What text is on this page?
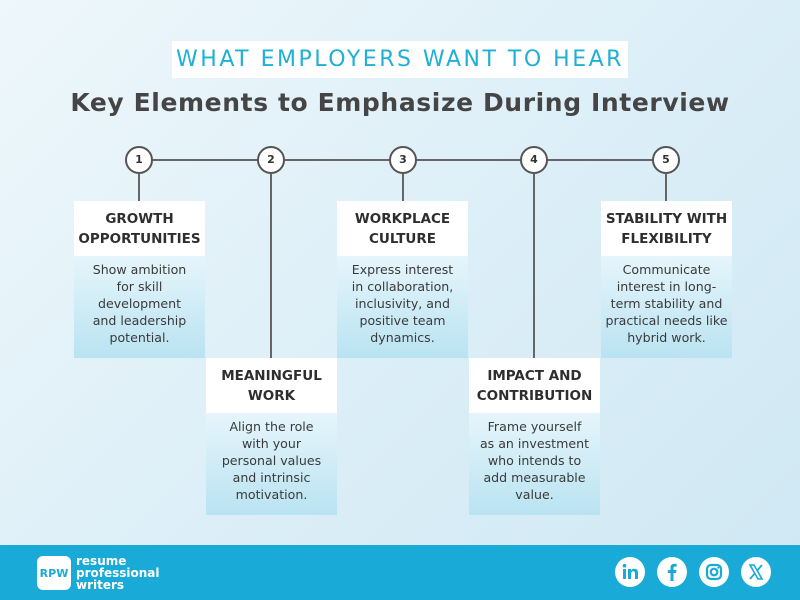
WHAT EMPLOYERS WANT TO HEAR
Key Elements to Emphasize During Interview
1	2	3	4	5
GROWTH
OPPORTUNITIES
Show ambition
for skill
development
and leadership
potential.
MEANINGFUL
WORK
Align the role
with your
personal values
and intrinsic
motivation.
WORKPLACE
CULTURE
Express interest
in collaboration,
inclusivity, and
positive team
dynamics.
IMPACT AND
CONTRIBUTION
Frame yourself
as an investment
who intends to
add measurable
value.
STABILITY WITH
FLEXIBILITY
Communicate
interest in long-
term stability and
practical needs like
hybrid work.
RPW
resume
professional
writers
